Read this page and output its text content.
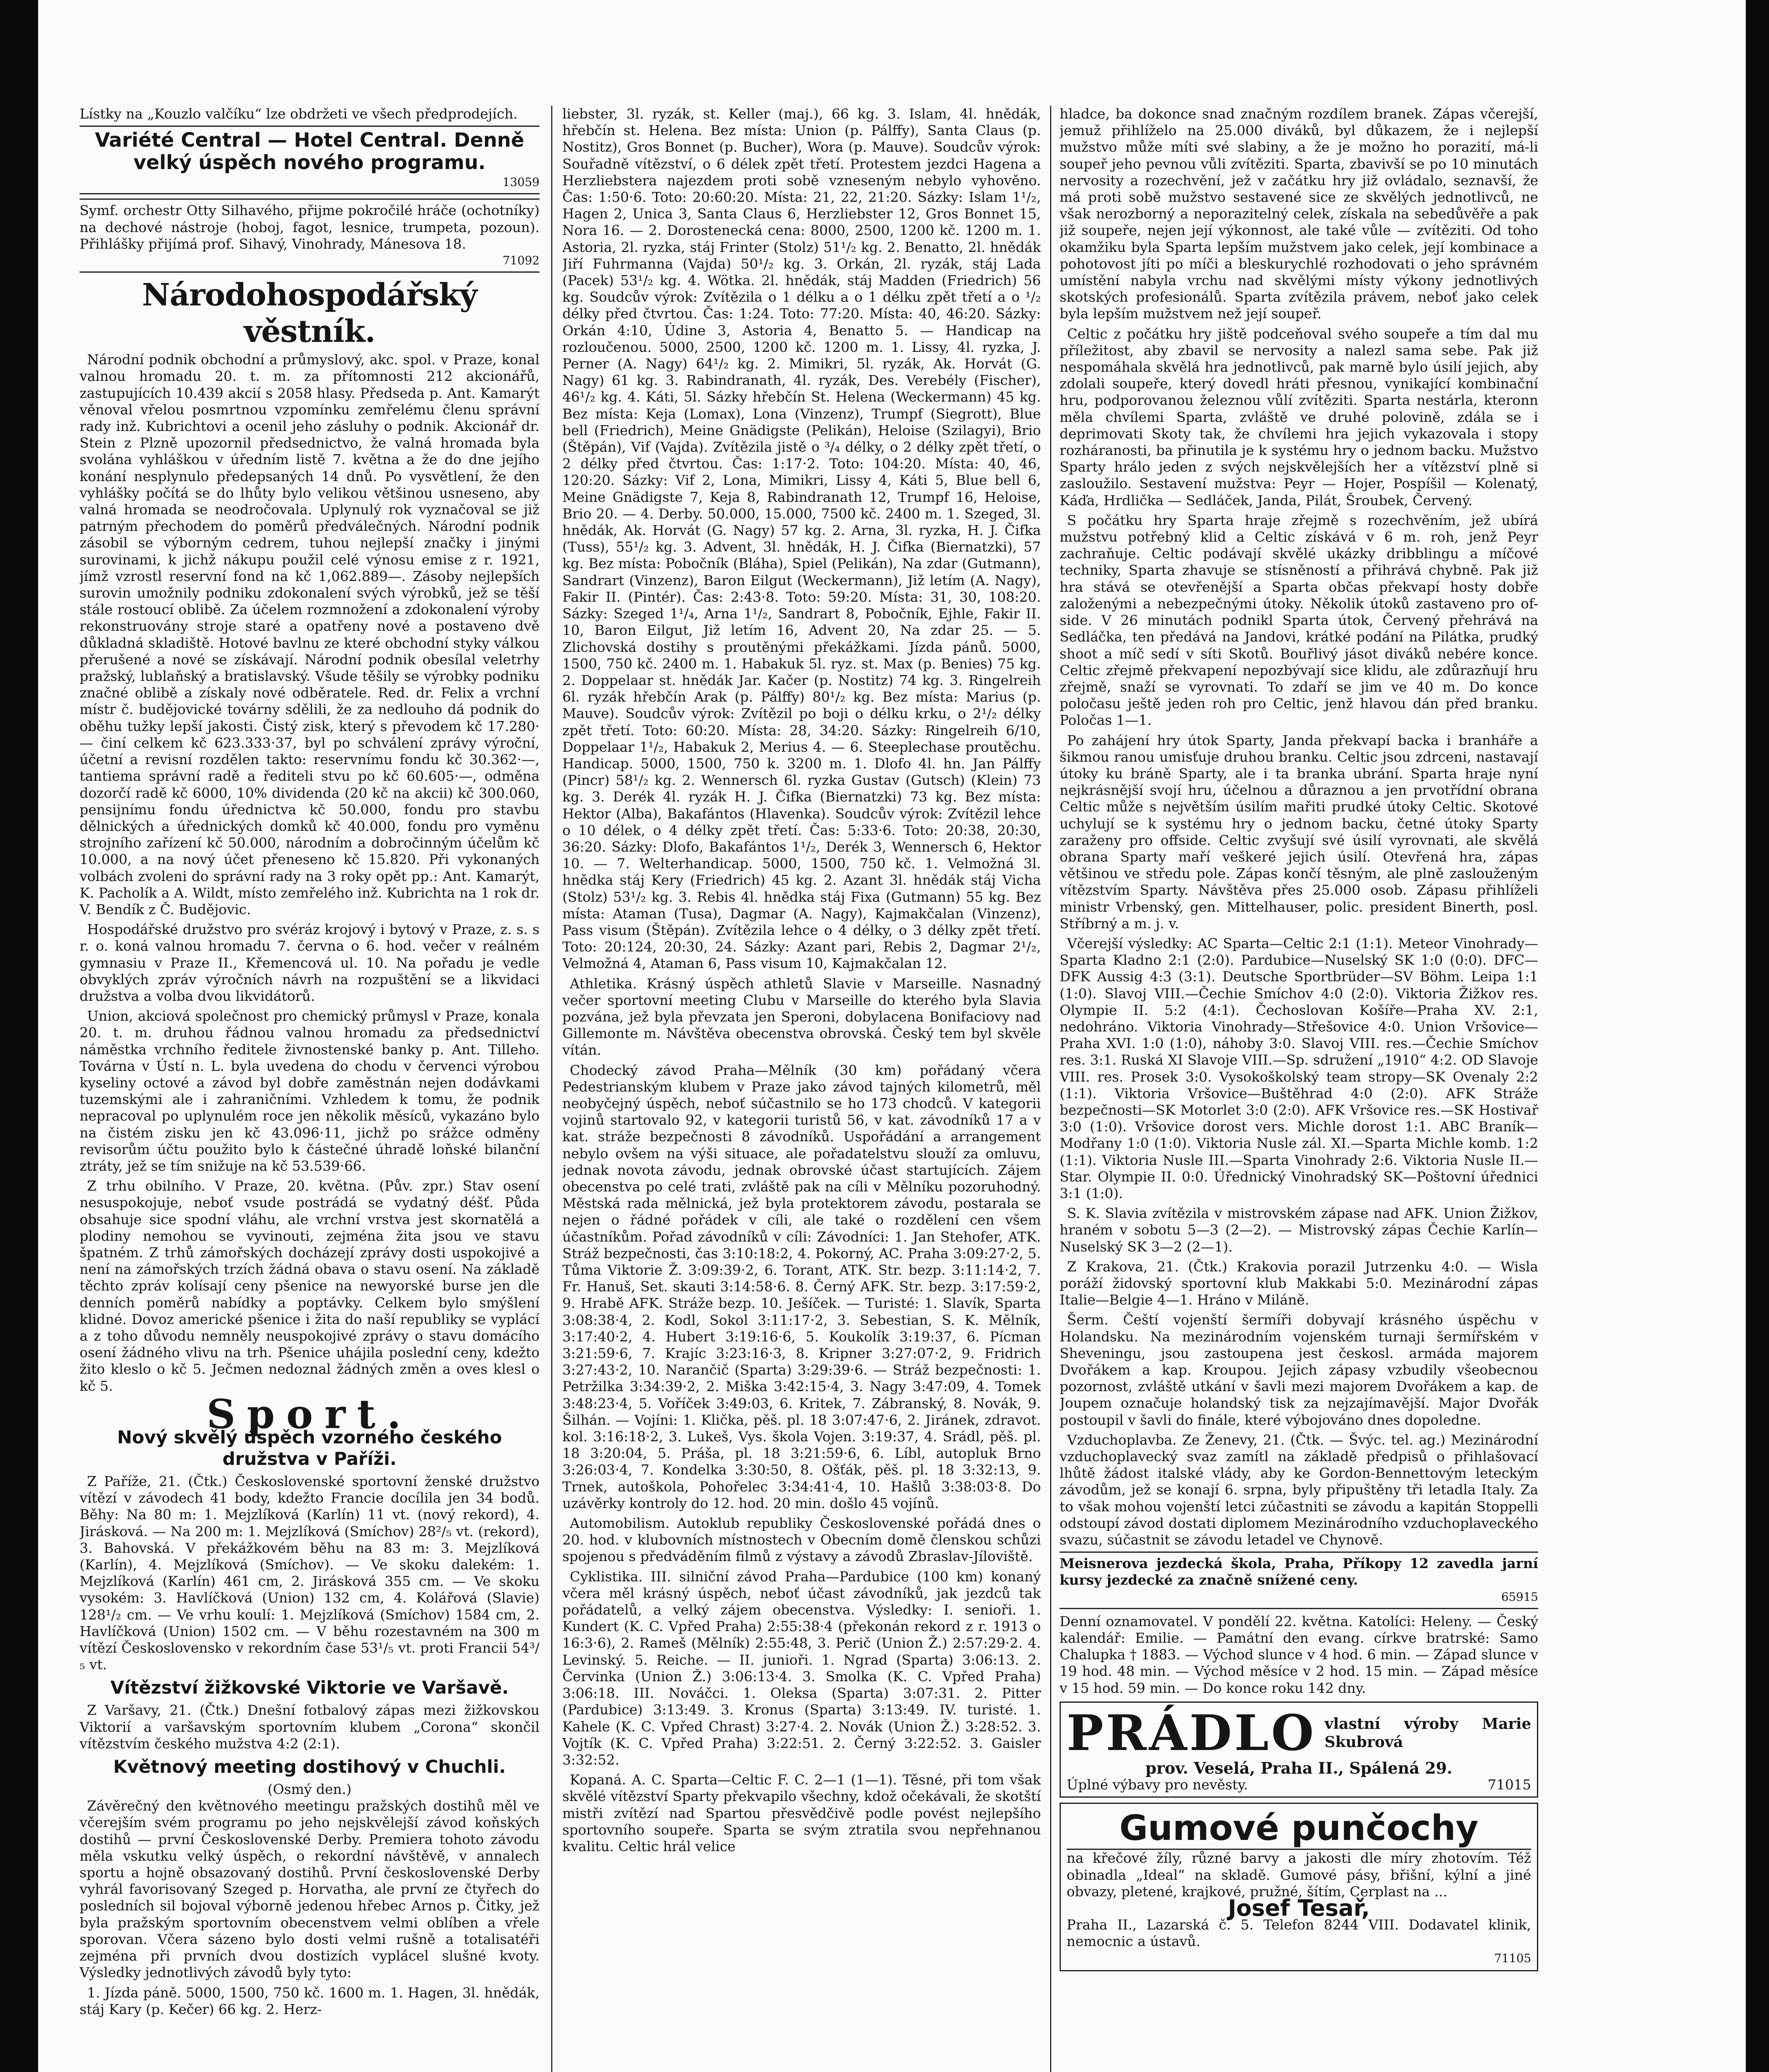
Lístky na „Kouzlo valčíku“ lze obdržeti ve všech předprodejích.

Variété Central — Hotel Central. Denně velký úspěch nového programu.
13059
Symf. orchestr Otty Silhavého, přijme pokročilé hráče (ochotníky) na dechové nástroje (hoboj, fagot, lesnice, trumpeta, pozoun). Přihlášky přijímá prof. Sihavý, Vinohrady, Mánesova 18.
71092
Národohospodářský věstník.

Národní podnik obchodní a průmyslový, akc. spol. v Praze, konal valnou hromadu 20. t. m. za přítomnosti 212 akcionářů, zastupujících 10.439 akcií s 2058 hlasy. Předseda p. Ant. Kamarýt věnoval vřelou posmrtnou vzpomínku zemřelému členu správní rady inž. Kubrichtovi a ocenil jeho zásluhy o podnik. Akcionář dr. Stein z Plzně upozornil předsednictvo, že valná hromada byla svolána vyhláškou v úředním listě 7. května a že do dne jejího konání nesplynulo předepsaných 14 dnů. Po vysvětlení, že den vyhlášky počítá se do lhůty bylo velikou většinou usneseno, aby valná hromada se neodročovala. Uplynulý rok vyznačoval se již patrným přechodem do poměrů předválečných. Národní podnik zásobil se výborným cedrem, tuhou nejlepší značky i jinými surovinami, k jichž nákupu použil celé výnosu emise z r. 1921, jímž vzrostl reservní fond na kč 1,062.889—. Zásoby nejlepších surovin umožnily podniku zdokonalení svých výrobků, jež se těší stále rostoucí oblibě. Za účelem rozmnožení a zdokonalení výroby rekonstruovány stroje staré a opatřeny nové a postaveno dvě důkladná skladiště. Hotové bavlnu ze které obchodní styky válkou přerušené a nové se získávají. Národní podnik obesílal veletrhy pražský, lublaňský a bratislavský. Všude těšily se výrobky podniku značné oblibě a získaly nové odběratele. Red. dr. Felix a vrchní místr č. budějovické továrny sdělili, že za nedlouho dá podnik do oběhu tužky lepší jakosti. Čistý zisk, který s převodem kč 17.280·— činí celkem kč 623.333·37, byl po schválení zprávy výroční, účetní a revisní rozdělen takto: reservnímu fondu kč 30.362·—, tantiema správní radě a řediteli stvu po kč 60.605·—, odměna dozorčí radě kč 6000, 10% dividenda (20 kč na akcii) kč 300.060, pensijnímu fondu úřednictva kč 50.000, fondu pro stavbu dělnických a úřednických domků kč 40.000, fondu pro vyměnu strojního zařízení kč 50.000, národním a dobročinným účelům kč 10.000, a na nový účet přeneseno kč 15.820. Při vykonaných volbách zvoleni do správní rady na 3 roky opět pp.: Ant. Kamarýt, K. Pacholík a A. Wildt, místo zemřelého inž. Kubrichta na 1 rok dr. V. Bendík z Č. Budějovic.

Hospodářské družstvo pro svéráz krojový i bytový v Praze, z. s. s r. o. koná valnou hromadu 7. června o 6. hod. večer v reálném gymnasiu v Praze II., Křemencová ul. 10. Na pořadu je vedle obvyklých zpráv výročních návrh na rozpuštění se a likvidaci družstva a volba dvou likvidátorů.

Union, akciová společnost pro chemický průmysl v Praze, konala 20. t. m. druhou řádnou valnou hromadu za předsednictví náměstka vrchního ředitele živnostenské banky p. Ant. Tilleho. Továrna v Ústí n. L. byla uvedena do chodu v červenci výrobou kyseliny octové a závod byl dobře zaměstnán nejen dodávkami tuzemskými ale i zahraničními. Vzhledem k tomu, že podnik nepracoval po uplynulém roce jen několik měsíců, vykazáno bylo na čistém zisku jen kč 43.096·11, jichž po srážce odměny revisorům účtu použito bylo k částečné úhradě loňské bilanční ztráty, jež se tím snižuje na kč 53.539·66.

Z trhu obilního. V Praze, 20. května. (Pův. zpr.) Stav osení nesuspokojuje, neboť vsude postrádá se vydatný déšť. Půda obsahuje sice spodní vláhu, ale vrchní vrstva jest skornatělá a plodiny nemohou se vyvinouti, zejména žita jsou ve stavu špatném. Z trhů zámořských docházejí zprávy dosti uspokojivé a není na zámořských trzích žádná obava o stavu osení. Na základě těchto zpráv kolísají ceny pšenice na newyorské burse jen dle denních poměrů nabídky a poptávky. Celkem bylo smýšlení klidné. Dovoz americké pšenice i žita do naší republiky se vyplácí a z toho důvodu nemněly neuspokojivé zprávy o stavu domácího osení žádného vlivu na trh. Pšenice uhájila poslední ceny, kdežto žito kleslo o kč 5. Ječmen nedoznal žádných změn a oves klesl o kč 5.

Sport.
Nový skvělý úspěch vzorného českého družstva v Paříži.

Z Paříže, 21. (Čtk.) Československé sportovní ženské družstvo vítězí v závodech 41 body, kdežto Francie docílila jen 34 bodů. Běhy: Na 80 m: 1. Mejzlíková (Karlín) 11 vt. (nový rekord), 4. Jirásková. — Na 200 m: 1. Mejzlíková (Smíchov) 28²/₅ vt. (rekord), 3. Bahovská. V překážkovém běhu na 83 m: 3. Mejzlíková (Karlín), 4. Mejzlíková (Smíchov). — Ve skoku dalekém: 1. Mejzlíková (Karlín) 461 cm, 2. Jirásková 355 cm. — Ve skoku vysokém: 3. Havlíčková (Union) 132 cm, 4. Kolářová (Slavie) 128¹/₂ cm. — Ve vrhu koulí: 1. Mejzlíková (Smíchov) 1584 cm, 2. Havlíčková (Union) 1502 cm. — V běhu rozestavném na 300 m vítězí Československo v rekordním čase 53¹/₅ vt. proti Francii 54³/₅ vt.

Vítězství žižkovské Viktorie ve Varšavě.

Z Varšavy, 21. (Čtk.) Dnešní fotbalový zápas mezi žižkovskou Viktorií a varšavským sportovním klubem „Corona“ skončil vítězstvím českého mužstva 4:2 (2:1).

Květnový meeting dostihový v Chuchli.
(Osmý den.)

Závěrečný den květnového meetingu pražských dostihů měl ve včerejším svém programu po jeho nejskvělejší závod koňských dostihů — první Československé Derby. Premiera tohoto závodu měla vskutku velký úspěch, o rekordní návštěvě, v annalech sportu a hojně obsazovaný dostihů. První československé Derby vyhrál favorisovaný Szeged p. Horvatha, ale první ze čtyřech do posledních sil bojoval výborně jedenou hřebec Arnos p. Čitky, jež byla pražským sportovním obecenstvem velmi oblíben a vřele sporovan. Včera sázeno bylo dosti velmi rušně a totalisatéři zejména při prvních dvou dostizích vyplácel slušné kvoty. Výsledky jednotlivých závodů byly tyto:

1. Jízda páně. 5000, 1500, 750 kč. 1600 m. 1. Hagen, 3l. hnědák, stáj Kary (p. Kečer) 66 kg. 2. Herz-

liebster, 3l. ryzák, st. Keller (maj.), 66 kg. 3. Islam, 4l. hnědák, hřebčín st. Helena. Bez místa: Union (p. Pálffy), Santa Claus (p. Nostitz), Gros Bonnet (p. Bucher), Wora (p. Mauve). Soudcův výrok: Souřadně vítězství, o 6 délek zpět třetí. Protestem jezdci Hagena a Herzliebstera najezdem proti sobě vzneseným nebylo vyhověno. Čas: 1:50·6. Toto: 20:60:20. Místa: 21, 22, 21:20. Sázky: Islam 1¹/₂, Hagen 2, Unica 3, Santa Claus 6, Herzliebster 12, Gros Bonnet 15, Nora 16. — 2. Dorostenecká cena: 8000, 2500, 1200 kč. 1200 m. 1. Astoria, 2l. ryzka, stáj Frinter (Stolz) 51¹/₂ kg. 2. Benatto, 2l. hnědák Jiří Fuhrmanna (Vajda) 50¹/₂ kg. 3. Orkán, 2l. ryzák, stáj Lada (Pacek) 53¹/₂ kg. 4. Wötka. 2l. hnědák, stáj Madden (Friedrich) 56 kg. Soudcův výrok: Zvítězila o 1 délku a o 1 délku zpět třetí a o ¹/₂ délky před čtvrtou. Čas: 1:24. Toto: 77:20. Místa: 40, 46:20. Sázky: Orkán 4:10, Údine 3, Astoria 4, Benatto 5. — Handicap na rozloučenou. 5000, 2500, 1200 kč. 1200 m. 1. Lissy, 4l. ryzka, J. Perner (A. Nagy) 64¹/₂ kg. 2. Mimikri, 5l. ryzák, Ak. Horvát (G. Nagy) 61 kg. 3. Rabindranath, 4l. ryzák, Des. Verebély (Fischer), 46¹/₂ kg. 4. Káti, 5l. Sázky hřebčín St. Helena (Weckermann) 45 kg. Bez místa: Keja (Lomax), Lona (Vinzenz), Trumpf (Siegrott), Blue bell (Friedrich), Meine Gnädigste (Pelikán), Heloise (Szilagyi), Brio (Štěpán), Vif (Vajda). Zvítězila jistě o ³/₄ délky, o 2 délky zpět třetí, o 2 délky před čtvrtou. Čas: 1:17·2. Toto: 104:20. Místa: 40, 46, 120:20. Sázky: Vif 2, Lona, Mimikri, Lissy 4, Káti 5, Blue bell 6, Meine Gnädigste 7, Keja 8, Rabindranath 12, Trumpf 16, Heloise, Brio 20. — 4. Derby. 50.000, 15.000, 7500 kč. 2400 m. 1. Szeged, 3l. hnědák, Ak. Horvát (G. Nagy) 57 kg. 2. Arna, 3l. ryzka, H. J. Čifka (Tuss), 55¹/₂ kg. 3. Advent, 3l. hnědák, H. J. Čifka (Biernatzki), 57 kg. Bez místa: Pobočník (Bláha), Spiel (Pelikán), Na zdar (Gutmann), Sandrart (Vinzenz), Baron Eilgut (Weckermann), Již letím (A. Nagy), Fakir II. (Pintér). Čas: 2:43·8. Toto: 59:20. Místa: 31, 30, 108:20. Sázky: Szeged 1¹/₄, Arna 1¹/₂, Sandrart 8, Pobočník, Ejhle, Fakir II. 10, Baron Eilgut, Již letím 16, Advent 20, Na zdar 25. — 5. Zlichovská dostihy s proutěnými překážkami. Jízda pánů. 5000, 1500, 750 kč. 2400 m. 1. Habakuk 5l. ryz. st. Max (p. Benies) 75 kg. 2. Doppelaar st. hnědák Jar. Kačer (p. Nostitz) 74 kg. 3. Ringelreih 6l. ryzák hřebčín Arak (p. Pálffy) 80¹/₂ kg. Bez místa: Marius (p. Mauve). Soudcův výrok: Zvítězil po boji o délku krku, o 2¹/₂ délky zpět třetí. Toto: 60:20. Místa: 28, 34:20. Sázky: Ringelreih 6/10, Doppelaar 1¹/₂, Habakuk 2, Merius 4. — 6. Steeplechase proutěchu. Handicap. 5000, 1500, 750 k. 3200 m. 1. Dlofo 4l. hn. Jan Pálffy (Pincr) 58¹/₂ kg. 2. Wennersch 6l. ryzka Gustav (Gutsch) (Klein) 73 kg. 3. Derék 4l. ryzák H. J. Čifka (Biernatzki) 73 kg. Bez místa: Hektor (Alba), Bakafántos (Hlavenka). Soudcův výrok: Zvítězil lehce o 10 délek, o 4 délky zpět třetí. Čas: 5:33·6. Toto: 20:38, 20:30, 36:20. Sázky: Dlofo, Bakafántos 1¹/₂, Derék 3, Wennersch 6, Hektor 10. — 7. Welterhandicap. 5000, 1500, 750 kč. 1. Velmožná 3l. hnědka stáj Kery (Friedrich) 45 kg. 2. Azant 3l. hnědák stáj Vicha (Stolz) 53¹/₂ kg. 3. Rebis 4l. hnědka stáj Fixa (Gutmann) 55 kg. Bez místa: Ataman (Tusa), Dagmar (A. Nagy), Kajmakčalan (Vinzenz), Pass visum (Štěpán). Zvítězila lehce o 4 délky, o 3 délky zpět třetí. Toto: 20:124, 20:30, 24. Sázky: Azant pari, Rebis 2, Dagmar 2¹/₂, Velmožná 4, Ataman 6, Pass visum 10, Kajmakčalan 12.

Athletika. Krásný úspěch athletů Slavie v Marseille. Nasnadný večer sportovní meeting Clubu v Marseille do kterého byla Slavia pozvána, jež byla převzata jen Speroni, dobylacena Bonifaciovy nad Gillemonte m. Návštěva obecenstva obrovská. Český tem byl skvěle vítán.

Chodecký závod Praha—Mělník (30 km) pořádaný včera Pedestrianským klubem v Praze jako závod tajných kilometrů, měl neobyčejný úspěch, neboť súčastnilo se ho 173 chodců. V kategorii vojinů startovalo 92, v kategorii turistů 56, v kat. závodníků 17 a v kat. stráže bezpečnosti 8 závodníků. Uspořádání a arrangement nebylo ovšem na výši situace, ale pořadatelstvu slouží za omluvu, jednak novota závodu, jednak obrovské účast startujících. Zájem obecenstva po celé trati, zvláště pak na cíli v Mělníku pozoruhodný. Městská rada mělnická, jež byla protektorem závodu, postarala se nejen o řádné pořádek v cíli, ale také o rozdělení cen všem účastníkům. Pořad závodníků v cíli: Závodníci: 1. Jan Stehofer, ATK. Stráž bezpečnosti, čas 3:10:18:2, 4. Pokorný, AC. Praha 3:09:27·2, 5. Tůma Viktorie Ž. 3:09:39·2, 6. Torant, ATK. Str. bezp. 3:11:14·2, 7. Fr. Hanuš, Set. skauti 3:14:58·6. 8. Černý AFK. Str. bezp. 3:17:59·2, 9. Hrabě AFK. Stráže bezp. 10. Ješíček. — Turisté: 1. Slavík, Sparta 3:08:38·4, 2. Kodl, Sokol 3:11:17·2, 3. Sebestian, S. K. Mělník, 3:17:40·2, 4. Hubert 3:19:16·6, 5. Koukolík 3:19:37, 6. Pícman 3:21:59·6, 7. Krajíc 3:23:16·3, 8. Kripner 3:27:07·2, 9. Fridrich 3:27:43·2, 10. Narančič (Sparta) 3:29:39·6. — Stráž bezpečnosti: 1. Petržilka 3:34:39·2, 2. Miška 3:42:15·4, 3. Nagy 3:47:09, 4. Tomek 3:48:23·4, 5. Voříček 3:49:03, 6. Kritek, 7. Zábranský, 8. Novák, 9. Šilhán. — Vojíni: 1. Klička, pěš. pl. 18 3:07:47·6, 2. Jiránek, zdravot. kol. 3:16:18·2, 3. Lukeš, Vys. škola Vojen. 3:19:37, 4. Srádl, pěš. pl. 18 3:20:04, 5. Práša, pl. 18 3:21:59·6, 6. Líbl, autopluk Brno 3:26:03·4, 7. Kondelka 3:30:50, 8. Ošťák, pěš. pl. 18 3:32:13, 9. Trnek, autoškola, Pohořelec 3:34:41·4, 10. Hašlů 3:38:03·8. Do uzávěrky kontroly do 12. hod. 20 min. došlo 45 vojínů.

Automobilism. Autoklub republiky Československé pořádá dnes o 20. hod. v klubovních místnostech v Obecním domě členskou schůzi spojenou s předváděním filmů z výstavy a závodů Zbraslav-Jíloviště.

Cyklistika. III. silniční závod Praha—Pardubice (100 km) konaný včera měl krásný úspěch, neboť účast závodníků, jak jezdců tak pořádatelů, a velký zájem obecenstva. Výsledky: I. senioři. 1. Kundert (K. C. Vpřed Praha) 2:55:38·4 (překonán rekord z r. 1913 o 16:3·6), 2. Rameš (Mělník) 2:55:48, 3. Perič (Union Ž.) 2:57:29·2. 4. Levinský. 5. Reiche. — II. junioři. 1. Ngrad (Sparta) 3:06:13. 2. Červinka (Union Ž.) 3:06:13·4. 3. Smolka (K. C. Vpřed Praha) 3:06:18. III. Nováčci. 1. Oleksa (Sparta) 3:07:31. 2. Pitter (Pardubice) 3:13:49. 3. Kronus (Sparta) 3:13:49. IV. turisté. 1. Kahele (K. C. Vpřed Chrast) 3:27·4. 2. Novák (Union Ž.) 3:28:52. 3. Vojtík (K. C. Vpřed Praha) 3:22:51. 2. Černý 3:22:52. 3. Gaisler 3:32:52.

Kopaná. A. C. Sparta—Celtic F. C. 2—1 (1—1). Těsné, při tom však skvělé vítězství Sparty překvapilo všechny, kdož očekávali, že skotští mistři zvítězí nad Spartou přesvědčivě podle povést nejlepšího sportovního soupeře. Sparta se svým ztratila svou nepřehnanou kvalitu. Celtic hrál velice

hladce, ba dokonce snad značným rozdílem branek. Zápas včerejší, jemuž přihlíželo na 25.000 diváků, byl důkazem, že i nejlepší mužstvo může míti své slabiny, a že je možno ho porazití, má-li soupeř jeho pevnou vůli zvítěziti. Sparta, zbavivší se po 10 minutách nervosity a rozechvění, jež v začátku hry již ovládalo, seznavší, že má proti sobě mužstvo sestavené sice ze skvělých jednotlivců, ne však nerozborný a neporazitelný celek, získala na sebedůvěře a pak již soupeře, nejen její výkonnost, ale také vůle — zvítěziti. Od toho okamžiku byla Sparta lepším mužstvem jako celek, její kombinace a pohotovost jíti po míči a bleskurychlé rozhodovati o jeho správném umístění nabyla vrchu nad skvělými místy výkony jednotlivých skotských profesionálů. Sparta zvítězila právem, neboť jako celek byla lepším mužstvem než její soupeř.

Celtic z počátku hry jiště podceňoval svého soupeře a tím dal mu příležitost, aby zbavil se nervosity a nalezl sama sebe. Pak již nespomáhala skvělá hra jednotlivců, pak marně bylo úsilí jejich, aby zdolali soupeře, který dovedl hráti přesnou, vynikající kombinační hru, podporovanou železnou vůlí zvítěziti. Sparta nestárla, kteronn měla chvílemi Sparta, zvláště ve druhé polovině, zdála se i deprimovati Skoty tak, že chvílemi hra jejich vykazovala i stopy rozháranosti, ba přinutila je k systému hry o jednom backu. Mužstvo Sparty hrálo jeden z svých nejskvělejších her a vítězství plně si zasloužilo. Sestavení mužstva: Peyr — Hojer, Pospíšil — Kolenatý, Káďa, Hrdlička — Sedláček, Janda, Pilát, Šroubek, Červený.

S počátku hry Sparta hraje zřejmě s rozechvěním, jež ubírá mužstvu potřebný klid a Celtic získává v 6 m. roh, jenž Peyr zachraňuje. Celtic podávají skvělé ukázky dribblingu a míčové techniky, Sparta zhavuje se stísněností a přihrává chybně. Pak již hra stává se otevřenější a Sparta občas překvapí hosty dobře založenými a nebezpečnými útoky. Několik útoků zastaveno pro of-side. V 26 minutách podnikl Sparta útok, Červený přehrává na Sedláčka, ten předává na Jandovi, krátké podání na Pilátka, prudký shoot a míč sedí v síti Skotů. Bouřlivý jásot diváků nebére konce. Celtic zřejmě překvapení nepozbývají sice klidu, ale zdůrazňují hru zřejmě, snaží se vyrovnati. To zdaří se jim ve 40 m. Do konce poločasu ještě jeden roh pro Celtic, jenž hlavou dán před branku. Poločas 1—1.

Po zahájení hry útok Sparty, Janda překvapí backa i branháře a šikmou ranou umisťuje druhou branku. Celtic jsou zdrceni, nastavají útoky ku bráně Sparty, ale i ta branka ubrání. Sparta hraje nyní nejkrásnější svojí hru, účelnou a důraznou a jen prvotřídní obrana Celtic může s největším úsilím mařiti prudké útoky Celtic. Skotové uchylují se k systému hry o jednom backu, četné útoky Sparty zaraženy pro offside. Celtic zvyšují své úsilí vyrovnati, ale skvělá obrana Sparty maří veškeré jejich úsilí. Otevřená hra, zápas většinou ve středu pole. Zápas končí těsným, ale plně zaslouženým vítězstvím Sparty. Návštěva přes 25.000 osob. Zápasu přihlíželi ministr Vrbenský, gen. Mittelhauser, polic. president Binerth, posl. Stříbrný a m. j. v.

Včerejší výsledky: AC Sparta—Celtic 2:1 (1:1). Meteor Vinohrady—Sparta Kladno 2:1 (2:0). Pardubice—Nuselský SK 1:0 (0:0). DFC—DFK Aussig 4:3 (3:1). Deutsche Sportbrüder—SV Böhm. Leipa 1:1 (1:0). Slavoj VIII.—Čechie Smíchov 4:0 (2:0). Viktoria Žižkov res. Olympie II. 5:2 (4:1). Čechoslovan Košíře—Praha XV. 2:1, nedohráno. Viktoria Vinohrady—Střešovice 4:0. Union Vršovice—Praha XVI. 1:0 (1:0), náhoby 3:0. Slavoj VIII. res.—Čechie Smíchov res. 3:1. Ruská XI Slavoje VIII.—Sp. sdružení „1910“ 4:2. OD Slavoje VIII. res. Prosek 3:0. Vysokoškolský team stropy—SK Ovenaly 2:2 (1:1). Viktoria Vršovice—Buštěhrad 4:0 (2:0). AFK Stráže bezpečnosti—SK Motorlet 3:0 (2:0). AFK Vršovice res.—SK Hostivař 3:0 (1:0). Vršovice dorost vers. Michle dorost 1:1. ABC Braník—Modřany 1:0 (1:0). Viktoria Nusle zál. XI.—Sparta Michle komb. 1:2 (1:1). Viktoria Nusle III.—Sparta Vinohrady 2:6. Viktoria Nusle II.—Star. Olympie II. 0:0. Úřednický Vinohradský SK—Poštovní úřednici 3:1 (1:0).

S. K. Slavia zvítězila v mistrovském zápase nad AFK. Union Žižkov, hraném v sobotu 5—3 (2—2). — Mistrovský zápas Čechie Karlín—Nuselský SK 3—2 (2—1).

Z Krakova, 21. (Čtk.) Krakovia porazil Jutrzenku 4:0. — Wisla poráží židovský sportovní klub Makkabi 5:0. Mezinárodní zápas Italie—Belgie 4—1. Hráno v Miláně.

Šerm. Čeští vojenští šermíři dobyvají krásného úspěchu v Holandsku. Na mezinárodním vojenském turnaji šermířském v Sheveningu, jsou zastoupena jest českosl. armáda majorem Dvořákem a kap. Kroupou. Jejich zápasy vzbudily všeobecnou pozornost, zvláště utkání v šavli mezi majorem Dvořákem a kap. de Joupem označuje holandský tisk za nejzajímavější. Major Dvořák postoupil v šavli do finále, které výbojováno dnes dopoledne.

Vzduchoplavba. Ze Ženevy, 21. (Čtk. — Švýc. tel. ag.) Mezinárodní vzduchoplavecký svaz zamítl na základě předpisů o přihlašovací lhůtě žádost italské vlády, aby ke Gordon-Bennettovým leteckým závodům, jež se konají 6. srpna, byly připuštěny tři letadla Italy. Za to však mohou vojenští letci zúčastniti se závodu a kapitán Stoppelli odstoupí závod dostati diplomem Mezinárodního vzduchoplaveckého svazu, súčastnit se závodu letadel ve Chynově.

Meisnerova jezdecká škola, Praha, Příkopy 12 zavedla jarní kursy jezdecké za značně snížené ceny.
65915

Denní oznamovatel. V pondělí 22. května. Katolíci: Heleny. — Český kalendář: Emilie. — Památní den evang. církve bratrské: Samo Chalupka † 1883. — Východ slunce v 4 hod. 6 min. — Západ slunce v 19 hod. 48 min. — Východ měsíce v 2 hod. 15 min. — Západ měsíce v 15 hod. 59 min. — Do konce roku 142 dny.

PRÁDLO vlastní výroby Marie Skubrová
prov. Veselá, Praha II., Spálená 29.
Úplné výbavy pro nevěsty.	71015
Gumové punčochy
na křečové žíly, různé barvy a jakosti dle míry zhotovím. Též obinadla „Ideal“ na skladě. Gumové pásy, břišní, kýlní a jiné obvazy, pletené, krajkové, pružné, šítím, Cerplast na ...
Josef Tesař,
Praha II., Lazarská č. 5. Telefon 8244 VIII. Dodavatel klinik, nemocnic a ústavů.
71105
